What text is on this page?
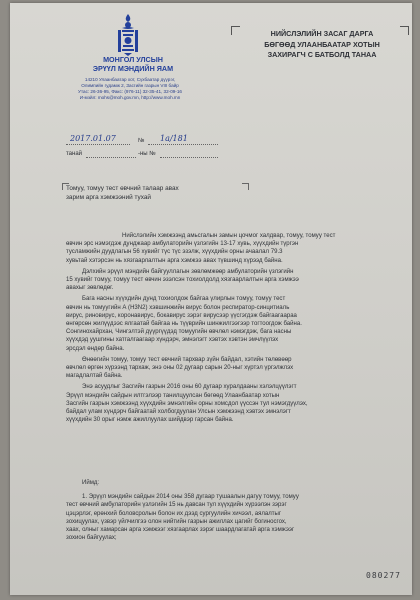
МОНГОЛ УЛСЫН
ЭРҮҮЛ МЭНДИЙН ЯАМ
14210 Улаанбаатар хот, Сүхбаатар дүүрэг,
Олимпийн гудамж 2, Засгийн газрын VIII байр
Утас: 26-36-95, Факс: (976-11) 32-35-41, 32-09-16
И-мэйл: mohs@moh.gov.mn, http://www.moh.mn
НИЙСЛЭЛИЙН ЗАСАГ ДАРГА
БӨГӨӨД УЛААНБААТАР ХОТЫН
ЗАХИРАГЧ С БАТБОЛД ТАНАА
2017.01.07	№ 1а/181
танай	-ны №
Томуу, томуу тест өвчний талаар авах
зарим арга хэмжээний тухай

Нийслэлийн хэмжээнд амьсгалын замын цочмог халдвар, томуу, томуу тест
өвчин эрс нэмэгдэж дунджаар амбулаторийн үзлэгийн 13-17 хувь, хүүхдийн түргэн
тусламжийн дуудлагын 56 хувийг түс түс эзэлж, хүүхдийн орны ачаалал 79.3
хувьтай хэтэрсэн нь хязгаарлалтын арга хэмжээ авах түвшинд хүрээд байна.

Дэлхийн эрүүл мэндийн байгууллагын зөвлөмжөөр амбулаторийн үзлэгийн
15 хувийг томуу, томуу тест өвчин эзэлсэн тохиолдолд хязгаарлалтын арга хэмжээ
авахыг зөвлөдөг.

Бага насны хүүхдийн дунд тохиолдож байгаа үлирлын томуу, томуу тест
өвчин нь томуугийн А (H3N2) хэвшинжийн вирус болон респиратор-синцитиаль
вирус, риновирус, коронавирус, бокавирус зэрэг вирусээр үүсгэгдэж байгаагаараа
өнгөрсөн жилүүдээс ялгаатай байгаа нь түүврийн шинжилгээгээр тогтоогдож байна.
Сонгинохайрхан, Чингэлтэй дүүргүүдэд томуугийн өвчлөл нэмэгдэж, бага насны
хүүхдэд уушгины хатгалгаагаар хүндэрч, эмнэлэгт хэвтэх хэвтэн эмчлүүлэх
эрсдэл өндөр байна.

Өнөөгийн томуу, томуу тест өвчний тархвар зүйн байдал, хэтийн төлөвөөр
өвчлөл өргөн хүрээнд тархаж, энэ оны 02 дугаар сарын 20-ныг хүртэл үргэлжлэх
магадлалтай байна.

Энэ асуудлыг Засгийн газрын 2016 оны 60 дугаар хуралдааны хэлэлцүүлэгт
Эрүүл мэндийн сайдын илтгэлээр танилцуулсан бөгөөд Улаанбаатар хотын
Засгийн газрын хэмжээнд хүүхдийн эмнэлгийн орны хомсдол үүссэн тул нэмэгдүүлэх,
байдал улам хүндэрч байгаатай холбогдуулан Улсын хэмжээнд хэвтэх эмнэлэгт
хүүхдийн 30 орыг нэмж ажиллуулах шийдвэр гарсан байна.

Иймд:
1. Эрүүл мэндийн сайдын 2014 оны 358 дугаар тушаалын дагуу томуу, томуу
тест өвчний амбулаторийн үзлэгийн 15 нь давсан тул хүүхдийн хүрээлэн зэрэг
цэцэрлэг, ерөнхий боловсролын болон их дээд сургуулийн хичээл, аялалтыг
зохицуулах, үзвэр үйлчилгээ олон нийтийн газрын ажиллах цагийг богиносгох,
хаах, олныг хамарсан арга хэмжээг хязгаарлах зэрэг шаардлагатай арга хэмжээг
зохион байгуулах;
080277
